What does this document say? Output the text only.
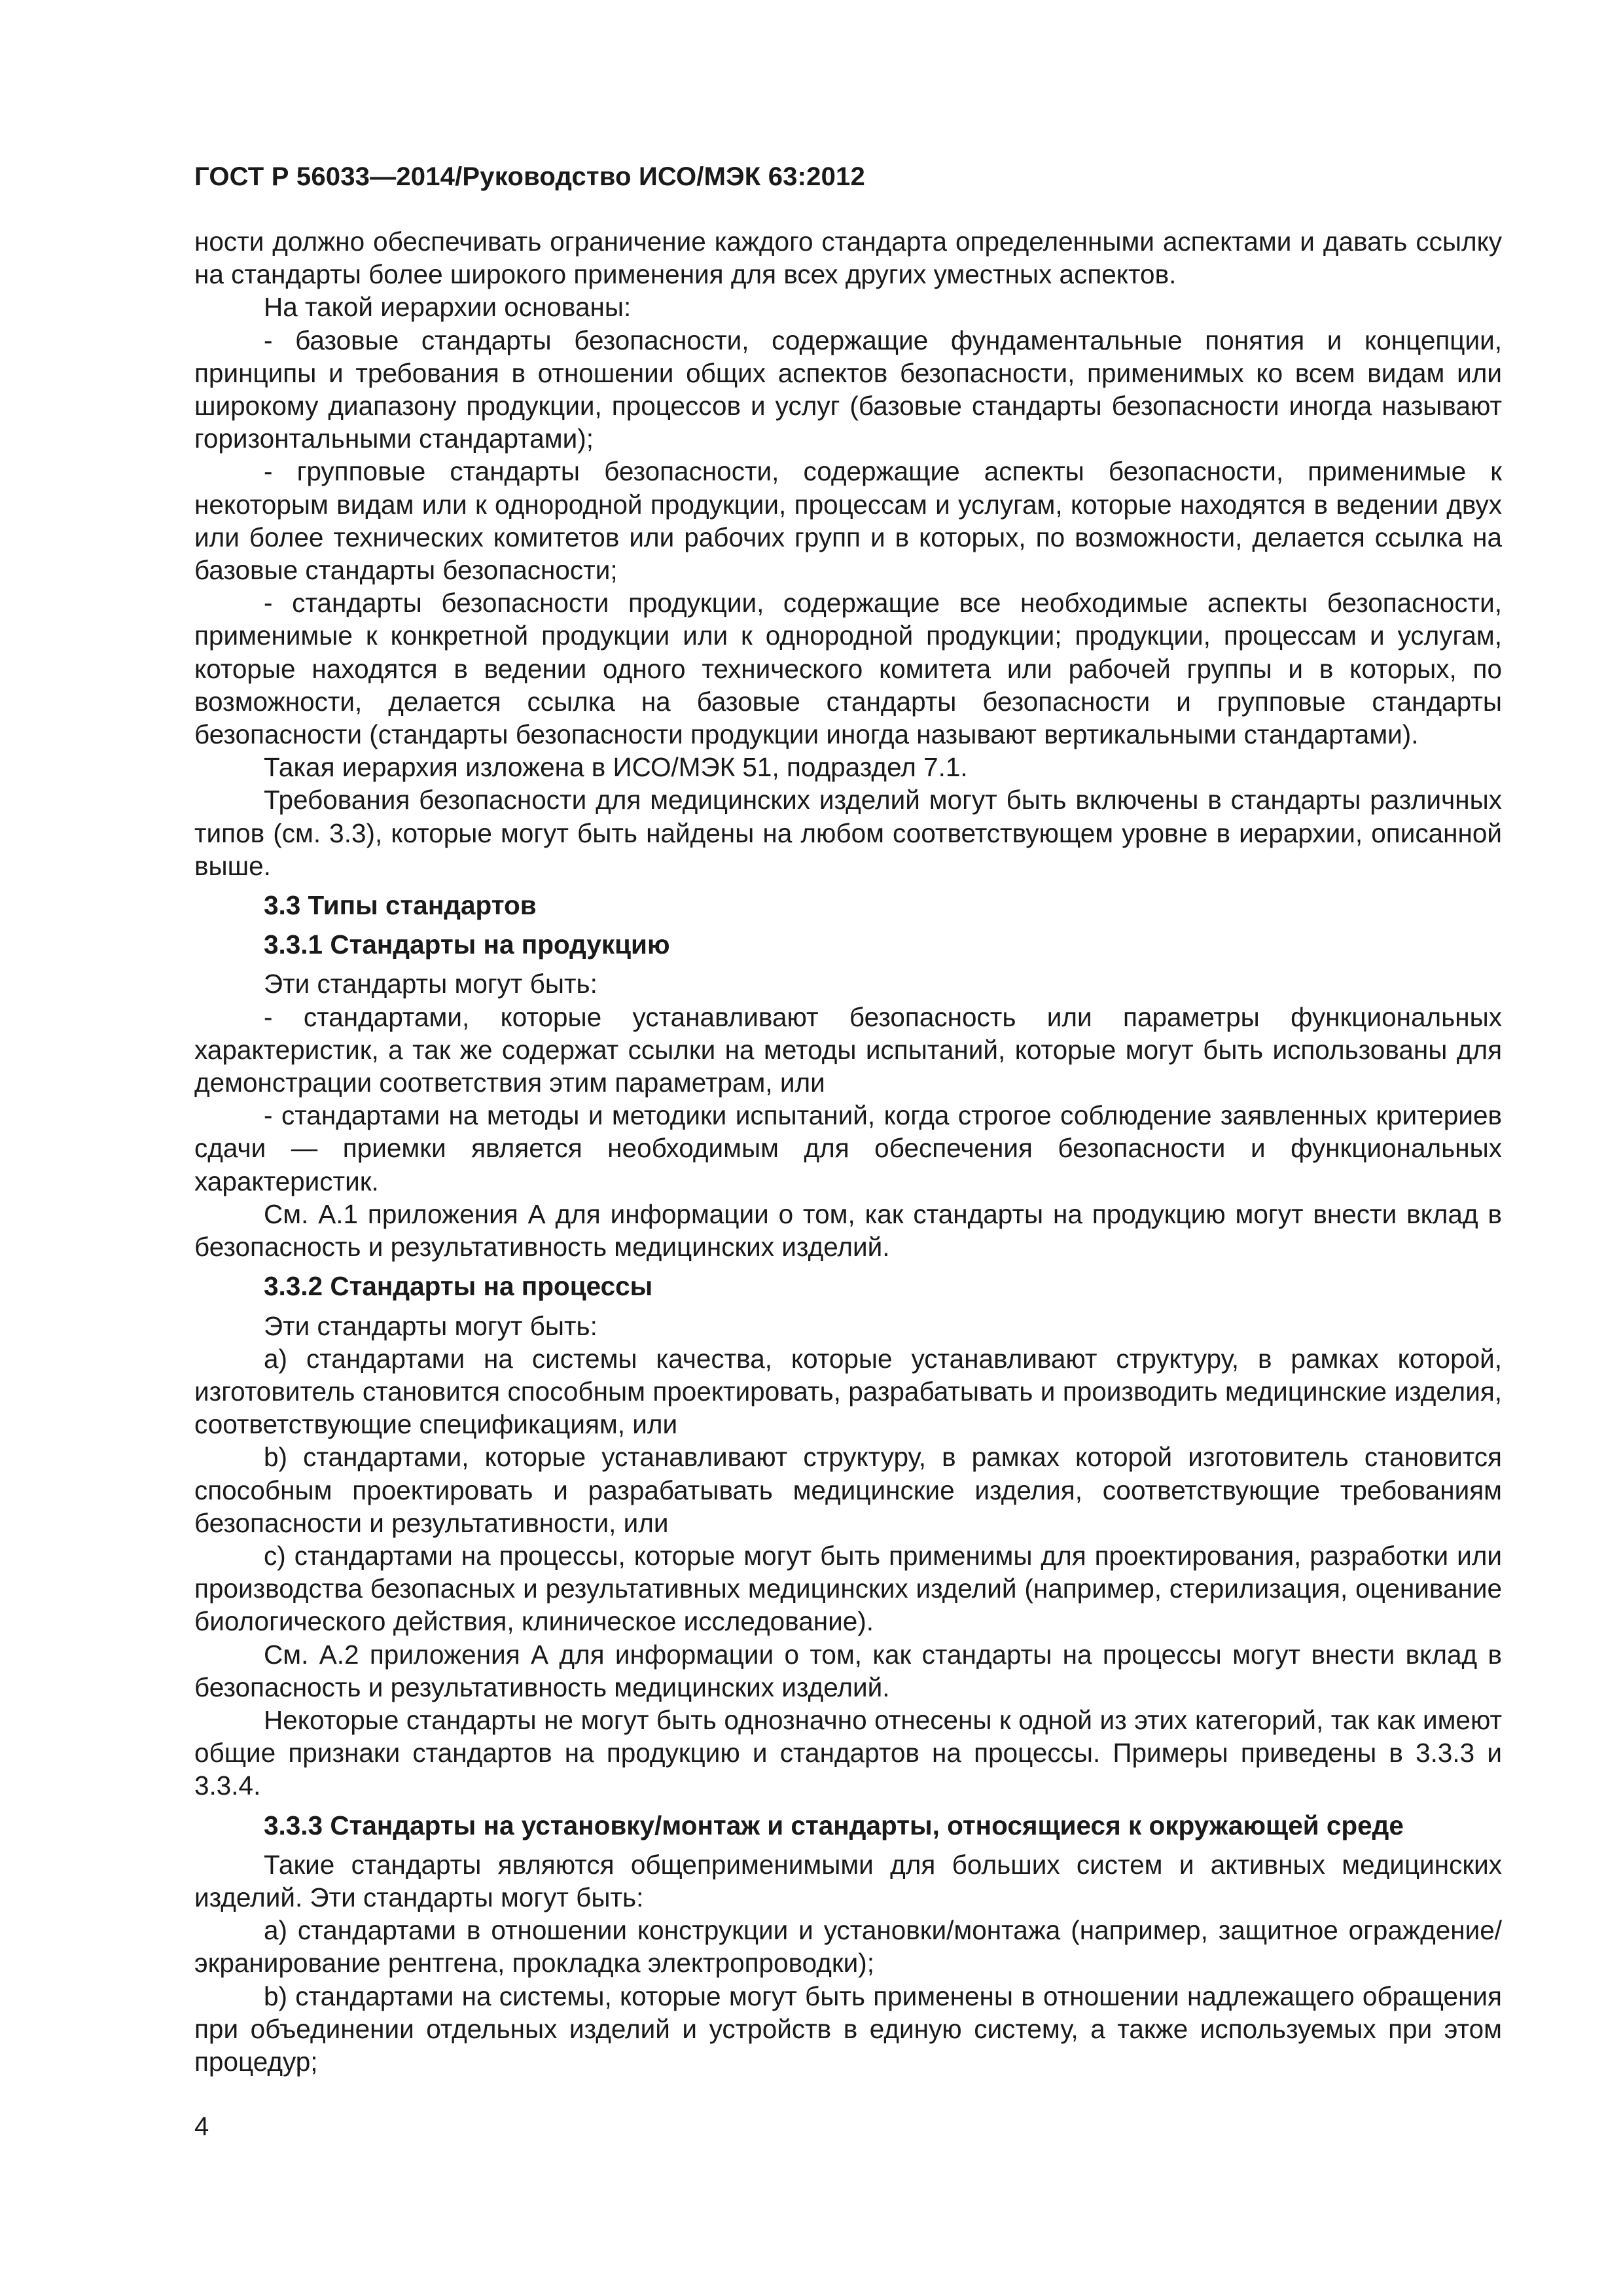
ГОСТ Р 56033—2014/Руководство ИСО/МЭК 63:2012

ности должно обеспечивать ограничение каждого стандарта определенными аспектами и давать ссылку на стандарты более широкого применения для всех других уместных аспектов.

На такой иерархии основаны:

- базовые стандарты безопасности, содержащие фундаментальные понятия и концепции, принципы и требования в отношении общих аспектов безопасности, применимых ко всем видам или широкому диапазону продукции, процессов и услуг (базовые стандарты безопасности иногда называют горизонтальными стандартами);

- групповые стандарты безопасности, содержащие аспекты безопасности, применимые к некоторым видам или к однородной продукции, процессам и услугам, которые находятся в ведении двух или более технических комитетов или рабочих групп и в которых, по возможности, делается ссылка на базовые стандарты безопасности;

- стандарты безопасности продукции, содержащие все необходимые аспекты безопасности, применимые к конкретной продукции или к однородной продукции; продукции, процессам и услугам, которые находятся в ведении одного технического комитета или рабочей группы и в которых, по возможности, делается ссылка на базовые стандарты безопасности и групповые стандарты безопасности (стандарты безопасности продукции иногда называют вертикальными стандартами).

Такая иерархия изложена в ИСО/МЭК 51, подраздел 7.1.

Требования безопасности для медицинских изделий могут быть включены в стандарты различных типов (см. 3.3), которые могут быть найдены на любом соответствующем уровне в иерархии, описанной выше.

3.3 Типы стандартов

3.3.1 Стандарты на продукцию

Эти стандарты могут быть:

- стандартами, которые устанавливают безопасность или параметры функциональных характеристик, а так же содержат ссылки на методы испытаний, которые могут быть использованы для демонстрации соответствия этим параметрам, или

- стандартами на методы и методики испытаний, когда строгое соблюдение заявленных критериев сдачи — приемки является необходимым для обеспечения безопасности и функциональных характеристик.

См. А.1 приложения А для информации о том, как стандарты на продукцию могут внести вклад в безопасность и результативность медицинских изделий.

3.3.2 Стандарты на процессы

Эти стандарты могут быть:

a) стандартами на системы качества, которые устанавливают структуру, в рамках которой, изготовитель становится способным проектировать, разрабатывать и производить медицинские изделия, соответствующие спецификациям, или

b) стандартами, которые устанавливают структуру, в рамках которой изготовитель становится способным проектировать и разрабатывать медицинские изделия, соответствующие требованиям безопасности и результативности, или

c) стандартами на процессы, которые могут быть применимы для проектирования, разработки или производства безопасных и результативных медицинских изделий (например, стерилизация, оценивание биологического действия, клиническое исследование).

См. А.2 приложения А для информации о том, как стандарты на процессы могут внести вклад в безопасность и результативность медицинских изделий.

Некоторые стандарты не могут быть однозначно отнесены к одной из этих категорий, так как имеют общие признаки стандартов на продукцию и стандартов на процессы. Примеры приведены в 3.3.3 и 3.3.4.

3.3.3 Стандарты на установку/монтаж и стандарты, относящиеся к окружающей среде

Такие стандарты являются общеприменимыми для больших систем и активных медицинских изделий. Эти стандарты могут быть:

a) стандартами в отношении конструкции и установки/монтажа (например, защитное ограждение/экранирование рентгена, прокладка электропроводки);

b) стандартами на системы, которые могут быть применены в отношении надлежащего обращения при объединении отдельных изделий и устройств в единую систему, а также используемых при этом процедур;

4
